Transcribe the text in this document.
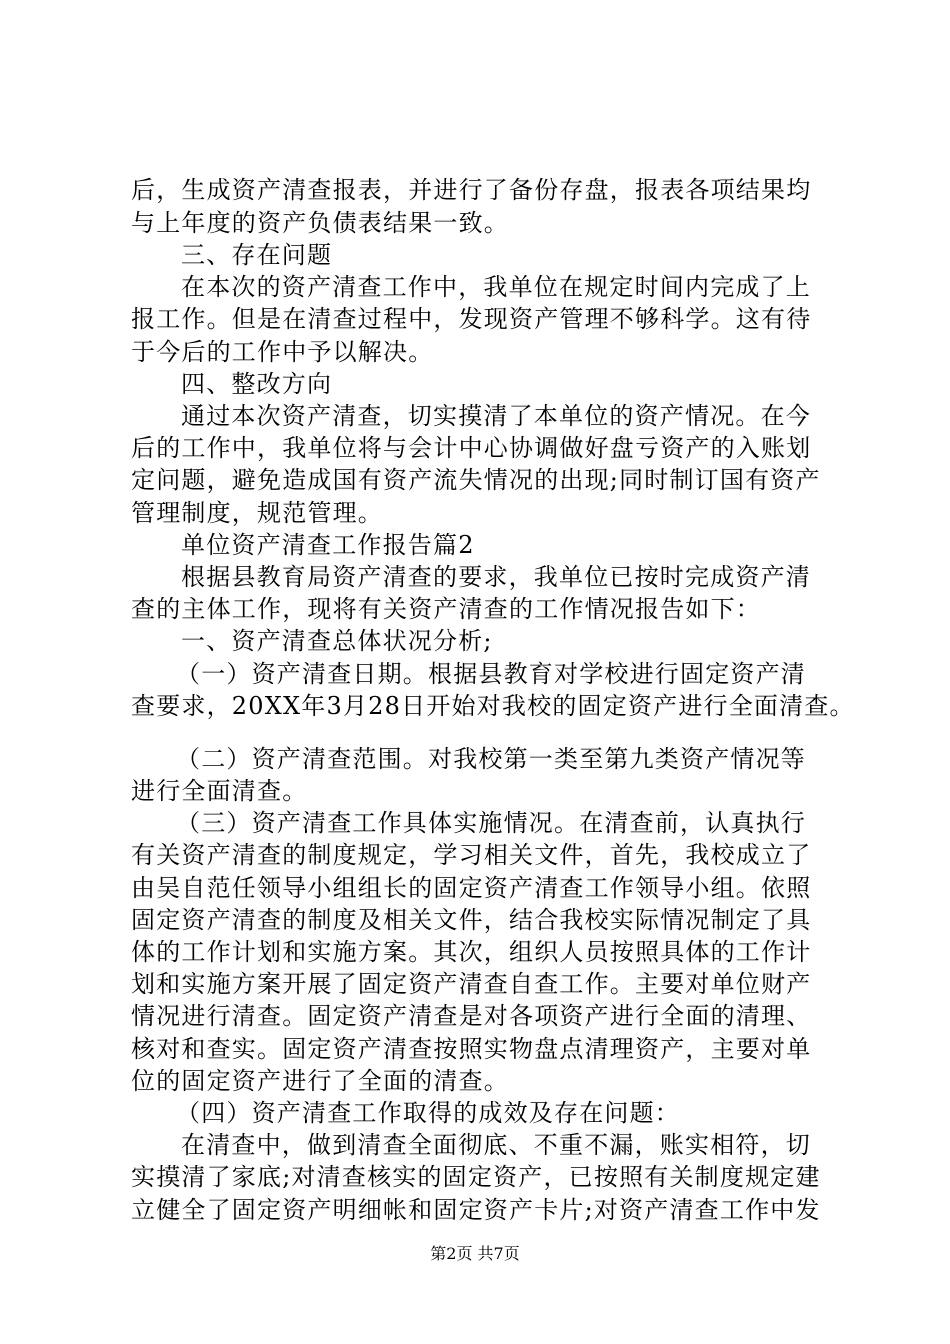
后，生成资产清查报表，并进行了备份存盘，报表各项结果均
与上年度的资产负债表结果一致。
三、存在问题
在本次的资产清查工作中，我单位在规定时间内完成了上
报工作。但是在清查过程中，发现资产管理不够科学。这有待
于今后的工作中予以解决。
四、整改方向
通过本次资产清查，切实摸清了本单位的资产情况。在今
后的工作中，我单位将与会计中心协调做好盘亏资产的入账划
定问题，避免造成国有资产流失情况的出现;同时制订国有资产
管理制度，规范管理。
单位资产清查工作报告篇2
根据县教育局资产清查的要求，我单位已按时完成资产清
查的主体工作，现将有关资产清查的工作情况报告如下：
一、资产清查总体状况分析;
（一）资产清查日期。根据县教育对学校进行固定资产清
查要求，20XX年3月28日开始对我校的固定资产进行全面清查。
（二）资产清查范围。对我校第一类至第九类资产情况等
进行全面清查。
（三）资产清查工作具体实施情况。在清查前，认真执行
有关资产清查的制度规定，学习相关文件，首先，我校成立了
由吴自范任领导小组组长的固定资产清查工作领导小组。依照
固定资产清查的制度及相关文件，结合我校实际情况制定了具
体的工作计划和实施方案。其次，组织人员按照具体的工作计
划和实施方案开展了固定资产清查自查工作。主要对单位财产
情况进行清查。固定资产清查是对各项资产进行全面的清理、
核对和查实。固定资产清查按照实物盘点清理资产，主要对单
位的固定资产进行了全面的清查。
（四）资产清查工作取得的成效及存在问题：
在清查中，做到清查全面彻底、不重不漏，账实相符，切
实摸清了家底;对清查核实的固定资产，已按照有关制度规定建
立健全了固定资产明细帐和固定资产卡片;对资产清查工作中发
第2页 共7页
